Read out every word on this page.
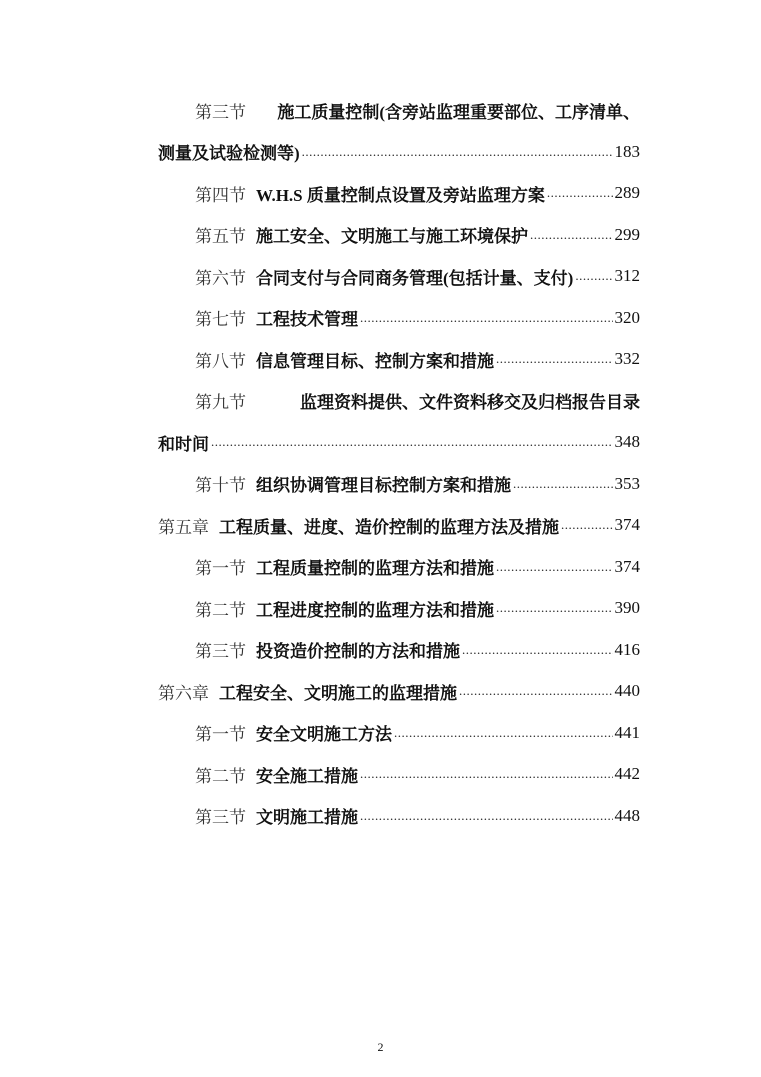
第三节 施工质量控制(含旁站监理重要部位、工序清单、
测量及试验检测等) .....	183
第四节 W.H.S 质量控制点设置及旁站监理方案 .....	289
第五节 施工安全、文明施工与施工环境保护 .....	299
第六节 合同支付与合同商务管理(包括计量、支付) ..... 312
第七节 工程技术管理 .....	320
第八节 信息管理目标、控制方案和措施 .....	332
第九节	监理资料提供、文件资料移交及归档报告目录
和时间 .....	348
第十节 组织协调管理目标控制方案和措施 .....	353
第五章 工程质量、进度、造价控制的监理方法及措施 .....	374
第一节 工程质量控制的监理方法和措施 .....	374
第二节 工程进度控制的监理方法和措施 .....	390
第三节 投资造价控制的方法和措施 .....	416
第六章 工程安全、文明施工的监理措施 .....	440
第一节 安全文明施工方法 .....	441
第二节 安全施工措施 .....	442
第三节 文明施工措施 .....	448
2
